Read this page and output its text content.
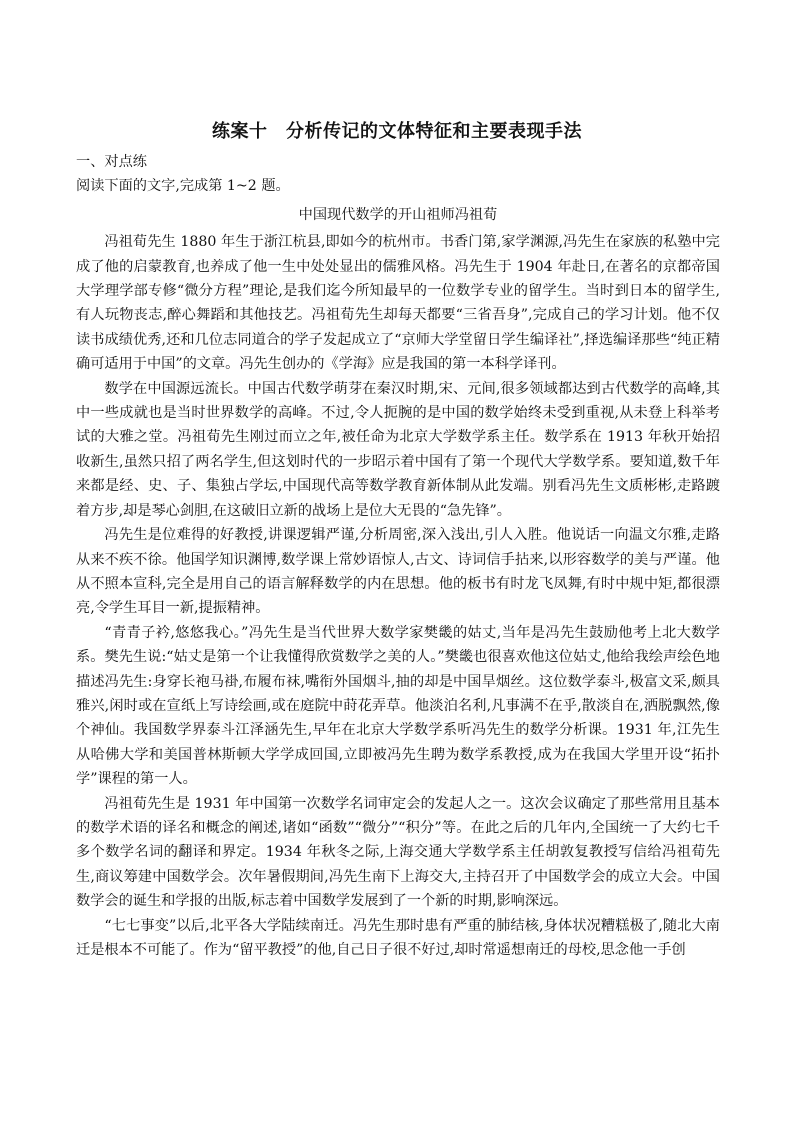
练案十　分析传记的文体特征和主要表现手法

一、对点练

阅读下面的文字,完成第 1~2 题。

中国现代数学的开山祖师冯祖荀

冯祖荀先生 1880 年生于浙江杭县,即如今的杭州市。书香门第,家学渊源,冯先生在家族的私塾中完成了他的启蒙教育,也养成了他一生中处处显出的儒雅风格。冯先生于 1904 年赴日,在著名的京都帝国大学理学部专修“微分方程”理论,是我们迄今所知最早的一位数学专业的留学生。当时到日本的留学生,有人玩物丧志,醉心舞蹈和其他技艺。冯祖荀先生却每天都要“三省吾身”,完成自己的学习计划。他不仅读书成绩优秀,还和几位志同道合的学子发起成立了“京师大学堂留日学生编译社”,择选编译那些“纯正精确可适用于中国”的文章。冯先生创办的《学海》应是我国的第一本科学译刊。

数学在中国源远流长。中国古代数学萌芽在秦汉时期,宋、元间,很多领域都达到古代数学的高峰,其中一些成就也是当时世界数学的高峰。不过,令人扼腕的是中国的数学始终未受到重视,从未登上科举考试的大雅之堂。冯祖荀先生刚过而立之年,被任命为北京大学数学系主任。数学系在 1913 年秋开始招收新生,虽然只招了两名学生,但这划时代的一步昭示着中国有了第一个现代大学数学系。要知道,数千年来都是经、史、子、集独占学坛,中国现代高等数学教育新体制从此发端。别看冯先生文质彬彬,走路踱着方步,却是琴心剑胆,在这破旧立新的战场上是位大无畏的“急先锋”。

冯先生是位难得的好教授,讲课逻辑严谨,分析周密,深入浅出,引人入胜。他说话一向温文尔雅,走路从来不疾不徐。他国学知识渊博,数学课上常妙语惊人,古文、诗词信手拈来,以形容数学的美与严谨。他从不照本宣科,完全是用自己的语言解释数学的内在思想。他的板书有时龙飞凤舞,有时中规中矩,都很漂亮,令学生耳目一新,提振精神。

“青青子衿,悠悠我心。”冯先生是当代世界大数学家樊畿的姑丈,当年是冯先生鼓励他考上北大数学系。樊先生说:“姑丈是第一个让我懂得欣赏数学之美的人。”樊畿也很喜欢他这位姑丈,他给我绘声绘色地描述冯先生:身穿长袍马褂,布履布袜,嘴衔外国烟斗,抽的却是中国旱烟丝。这位数学泰斗,极富文采,颇具雅兴,闲时或在宣纸上写诗绘画,或在庭院中莳花弄草。他淡泊名利,凡事满不在乎,散淡自在,洒脱飘然,像个神仙。我国数学界泰斗江泽涵先生,早年在北京大学数学系听冯先生的数学分析课。1931 年,江先生从哈佛大学和美国普林斯顿大学学成回国,立即被冯先生聘为数学系教授,成为在我国大学里开设“拓扑学”课程的第一人。

冯祖荀先生是 1931 年中国第一次数学名词审定会的发起人之一。这次会议确定了那些常用且基本的数学术语的译名和概念的阐述,诸如“函数”“微分”“积分”等。在此之后的几年内,全国统一了大约七千多个数学名词的翻译和界定。1934 年秋冬之际,上海交通大学数学系主任胡敦复教授写信给冯祖荀先生,商议筹建中国数学会。次年暑假期间,冯先生南下上海交大,主持召开了中国数学会的成立大会。中国数学会的诞生和学报的出版,标志着中国数学发展到了一个新的时期,影响深远。

“七七事变”以后,北平各大学陆续南迁。冯先生那时患有严重的肺结核,身体状况糟糕极了,随北大南迁是根本不可能了。作为“留平教授”的他,自己日子很不好过,却时常遥想南迁的母校,思念他一手创
